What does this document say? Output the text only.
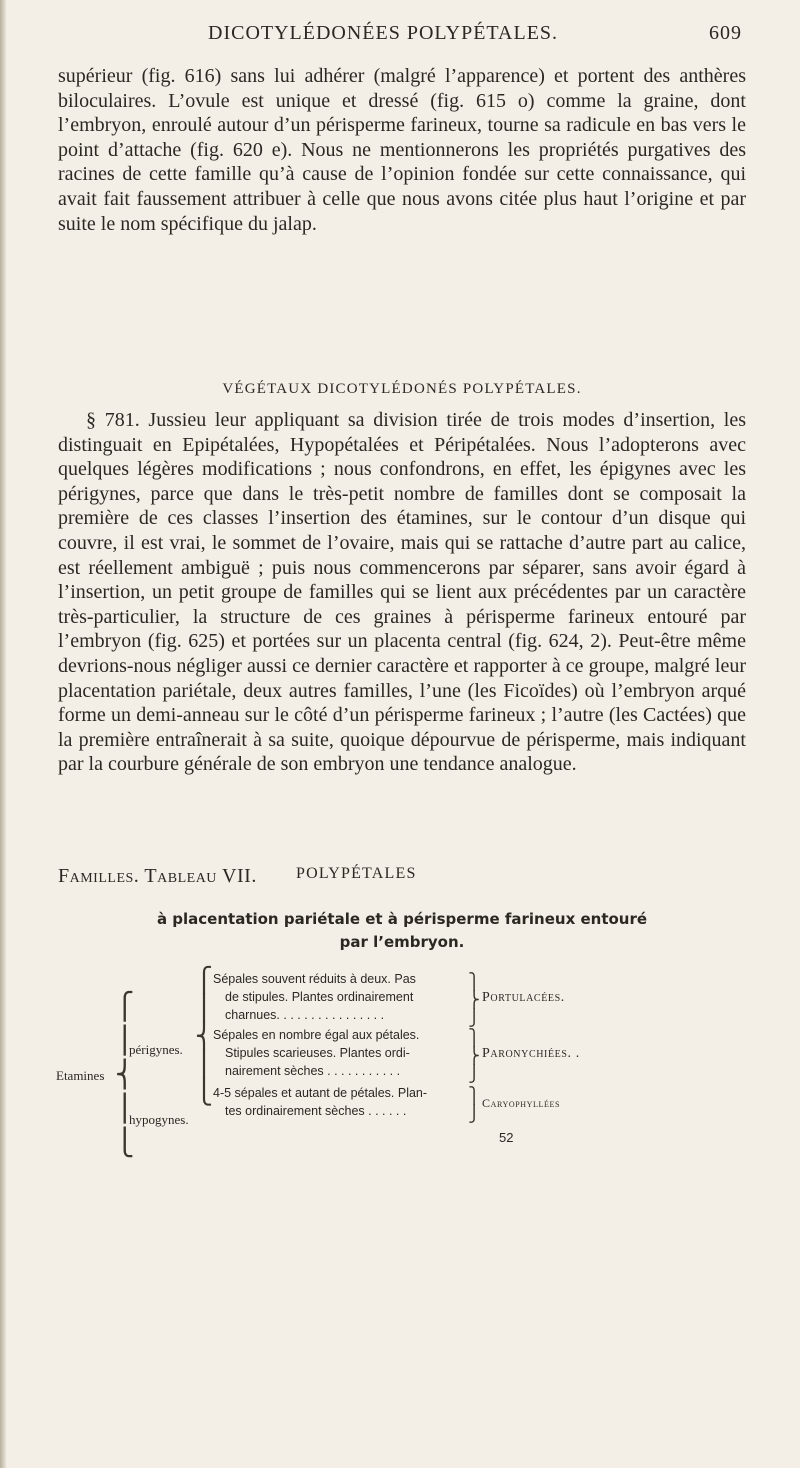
DICOTYLÉDONÉES POLYPÉTALES.	609

supérieur (fig. 616) sans lui adhérer (malgré l’apparence) et portent des anthères biloculaires. L’ovule est unique et dressé (fig. 615 o) comme la graine, dont l’embryon, enroulé autour d’un périsperme farineux, tourne sa radicule en bas vers le point d’attache (fig. 620 e). Nous ne mentionnerons les propriétés purgatives des racines de cette famille qu’à cause de l’opinion fondée sur cette connaissance, qui avait fait faussement attribuer à celle que nous avons citée plus haut l’origine et par suite le nom spécifique du jalap.

VÉGÉTAUX DICOTYLÉDONÉS POLYPÉTALES.

§ 781. Jussieu leur appliquant sa division tirée de trois modes d’insertion, les distinguait en Epipétalées, Hypopétalées et Péripétalées. Nous l’adopterons avec quelques légères modifications ; nous confondrons, en effet, les épigynes avec les périgynes, parce que dans le très-petit nombre de familles dont se composait la première de ces classes l’insertion des étamines, sur le contour d’un disque qui couvre, il est vrai, le sommet de l’ovaire, mais qui se rattache d’autre part au calice, est réellement ambiguë ; puis nous commencerons par séparer, sans avoir égard à l’insertion, un petit groupe de familles qui se lient aux précédentes par un caractère très-particulier, la structure de ces graines à périsperme farineux entouré par l’embryon (fig. 625) et portées sur un placenta central (fig. 624, 2). Peut-être même devrions-nous négliger aussi ce dernier caractère et rapporter à ce groupe, malgré leur placentation pariétale, deux autres familles, l’une (les Ficoïdes) où l’embryon arqué forme un demi-anneau sur le côté d’un périsperme farineux ; l’autre (les Cactées) que la première entraînerait à sa suite, quoique dépourvue de périsperme, mais indiquant par la courbure générale de son embryon une tendance analogue.

Familles. Tableau VII. POLYPÉTALES
à placentation pariétale et à périsperme farineux entouré
par l’embryon.
Etamines
⎧
⎪
⎨
⎪
⎩
périgynes.
hypogynes.
⎧
⎪
⎨
⎪
⎩
Sépales souvent réduits à deux. Pas
de stipules. Plantes ordinairement
charnues. . . . . . . . . . . . . . . .
⎫
⎬
⎭
Portulacées.
Sépales en nombre égal aux pétales.
Stipules scarieuses. Plantes ordi-
nairement sèches . . . . . . . . . . .
⎫
⎬
⎭
Paronychiées. .
4-5 sépales et autant de pétales. Plan-
tes ordinairement sèches . . . . . .
⎫
⎭
Caryophyllées
52
